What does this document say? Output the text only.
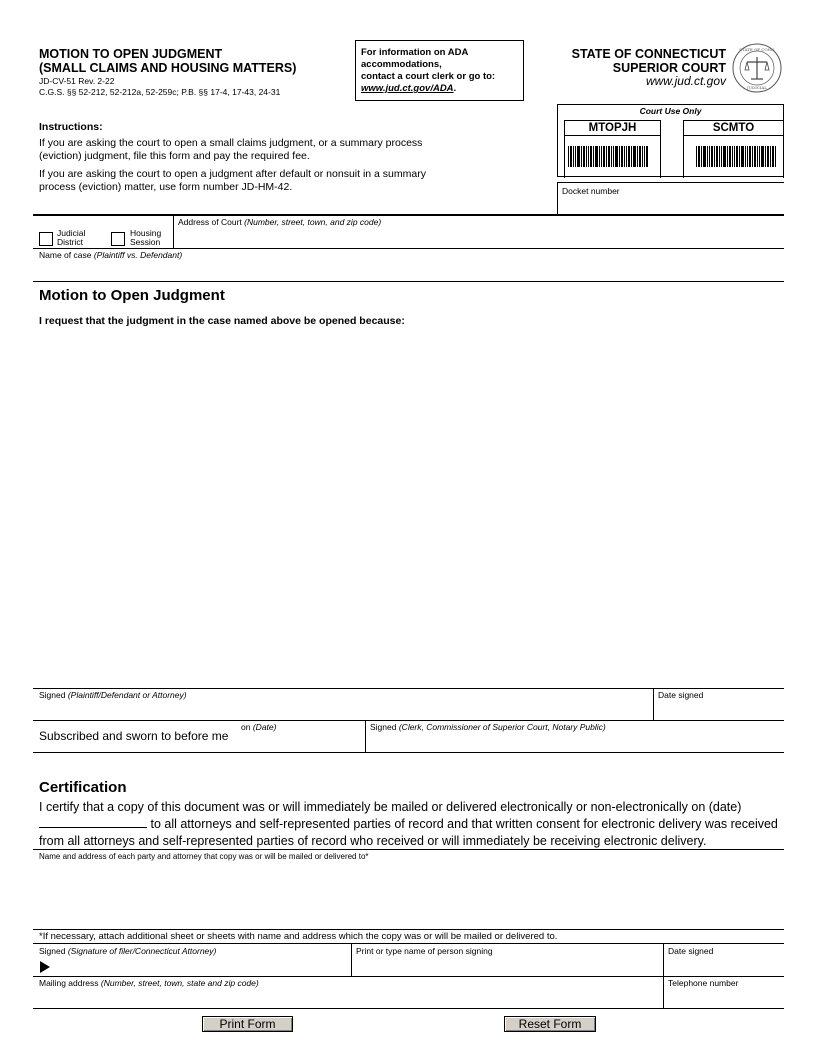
MOTION TO OPEN JUDGMENT
(SMALL CLAIMS AND HOUSING MATTERS)
JD-CV-51 Rev. 2-22
C.G.S. §§ 52-212, 52-212a, 52-259c; P.B. §§ 17-4, 17-43, 24-31
For information on ADA
accommodations,
contact a court clerk or go to:
www.jud.ct.gov/ADA.
STATE OF CONNECTICUT
SUPERIOR COURT
www.jud.ct.gov
STATE OF CONN
JUDICIAL
Instructions:
If you are asking the court to open a small claims judgment, or a summary process (eviction) judgment, file this form and pay the required fee.
If you are asking the court to open a judgment after default or nonsuit in a summary process (eviction) matter, use form number JD-HM-42.
Court Use Only
MTOPJH	SCMTO
Docket number
Judicial
District
Housing
Session
Address of Court (Number, street, town, and zip code)
Name of case (Plaintiff vs. Defendant)
Motion to Open Judgment
I request that the judgment in the case named above be opened because:
Signed (Plaintiff/Defendant or Attorney)	Date signed
Subscribed and sworn to before me
on (Date)	Signed (Clerk, Commissioner of Superior Court, Notary Public)
Certification
I certify that a copy of this document was or will immediately be mailed or delivered electronically or non-electronically on (date) to all attorneys and self-represented parties of record and that written consent for electronic delivery was received from all attorneys and self-represented parties of record who received or will immediately be receiving electronic delivery.
Name and address of each party and attorney that copy was or will be mailed or delivered to*
*If necessary, attach additional sheet or sheets with name and address which the copy was or will be mailed or delivered to.
Signed (Signature of filer/Connecticut Attorney)	Print or type name of person signing	Date signed
Mailing address (Number, street, town, state and zip code)	Telephone number
Print Form	Reset Form
